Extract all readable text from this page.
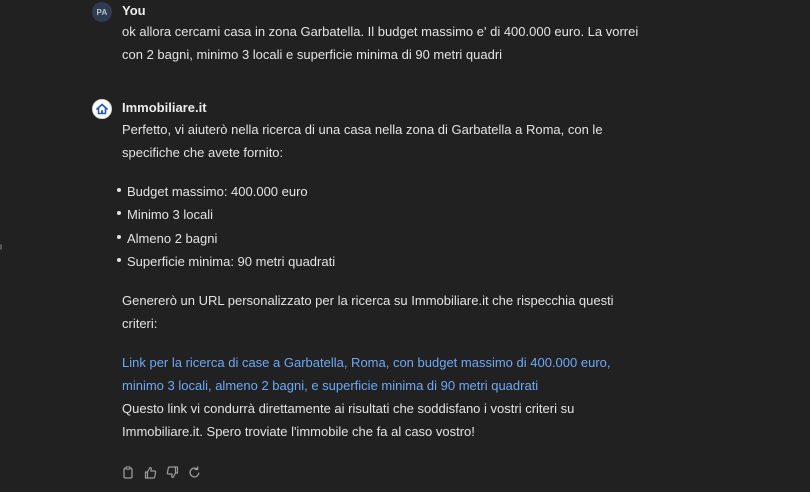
PA You
ok allora cercami casa in zona Garbatella. Il budget massimo e' di 400.000 euro. La vorrei con 2 bagni, minimo 3 locali e superficie minima di 90 metri quadri
Immobiliare.it

Perfetto, vi aiuterò nella ricerca di una casa nella zona di Garbatella a Roma, con le specifiche che avete fornito:

Budget massimo: 400.000 euro
Minimo 3 locali
Almeno 2 bagni
Superficie minima: 90 metri quadrati

Genererò un URL personalizzato per la ricerca su Immobiliare.it che rispecchia questi criteri:

Link per la ricerca di case a Garbatella, Roma, con budget massimo di 400.000 euro, minimo 3 locali, almeno 2 bagni, e superficie minima di 90 metri quadrati

Questo link vi condurrà direttamente ai risultati che soddisfano i vostri criteri su Immobiliare.it. Spero troviate l'immobile che fa al caso vostro!
